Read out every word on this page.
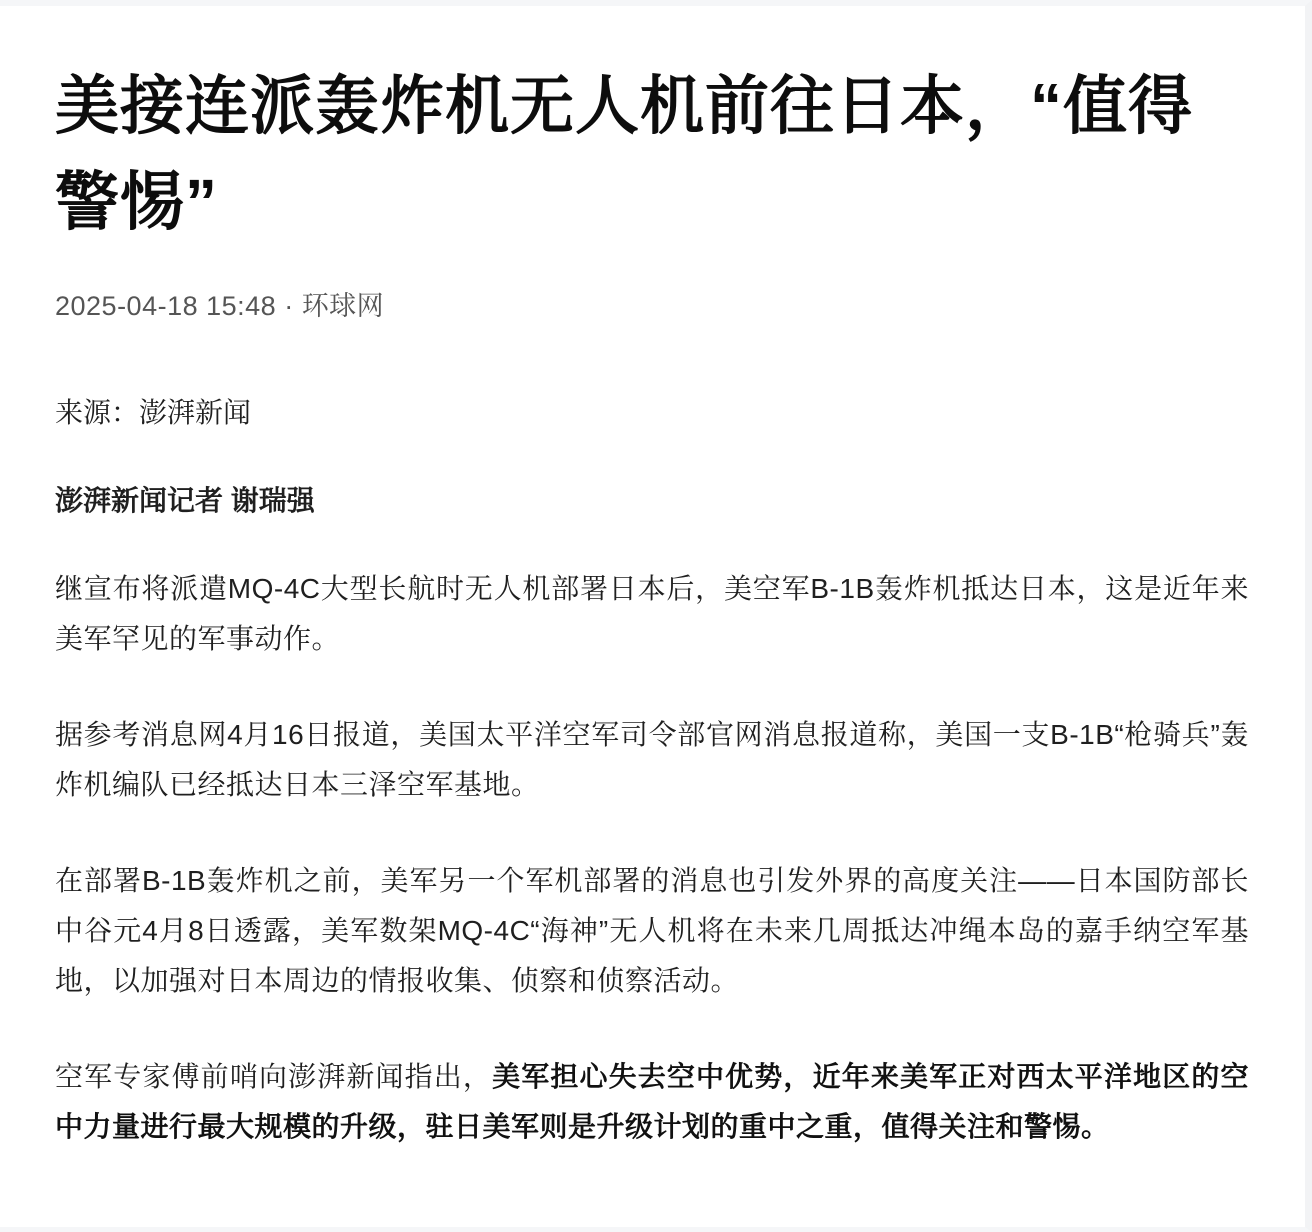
美接连派轰炸机无人机前往日本，“值得警惕”
2025-04-18 15:48 · 环球网

来源：澎湃新闻

澎湃新闻记者 谢瑞强

继宣布将派遣MQ-4C大型长航时无人机部署日本后，美空军B-1B轰炸机抵达日本，这是近年来美军罕见的军事动作。

据参考消息网4月16日报道，美国太平洋空军司令部官网消息报道称，美国一支B-1B“枪骑兵”轰炸机编队已经抵达日本三泽空军基地。

在部署B-1B轰炸机之前，美军另一个军机部署的消息也引发外界的高度关注——日本国防部长中谷元4月8日透露，美军数架MQ-4C“海神”无人机将在未来几周抵达冲绳本岛的嘉手纳空军基地，以加强对日本周边的情报收集、侦察和侦察活动。

空军专家傅前哨向澎湃新闻指出，美军担心失去空中优势，近年来美军正对西太平洋地区的空中力量进行最大规模的升级，驻日美军则是升级计划的重中之重，值得关注和警惕。
